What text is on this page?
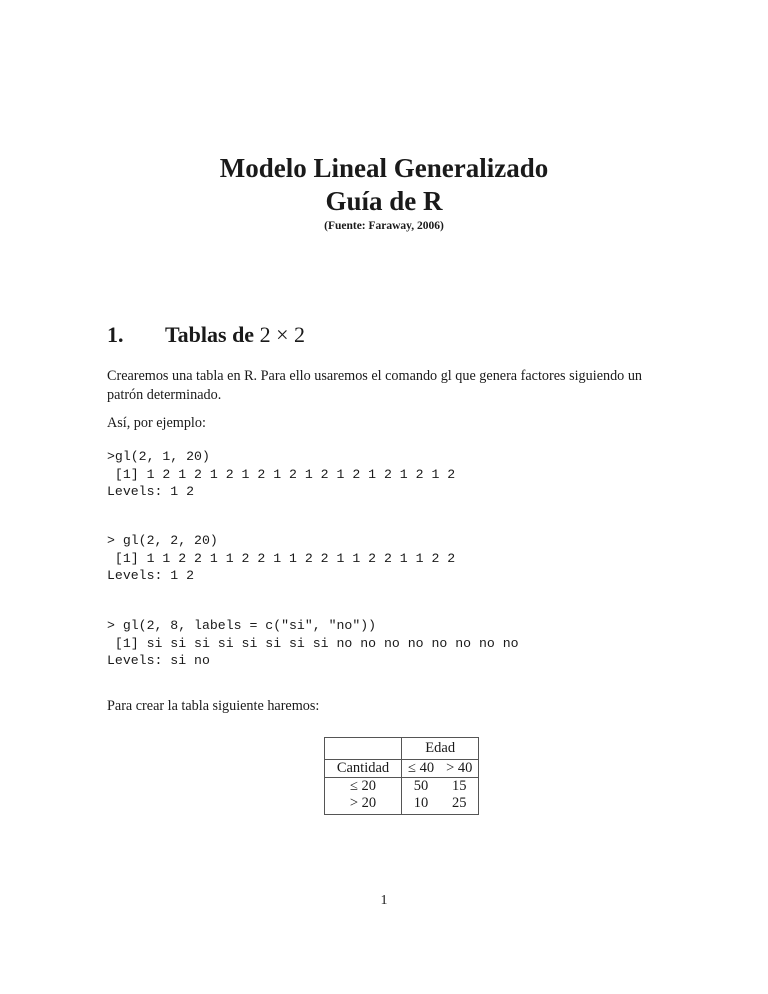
Modelo Lineal Generalizado
Guía de R
(Fuente: Faraway, 2006)
1. Tablas de 2 × 2
Crearemos una tabla en R. Para ello usaremos el comando gl que genera factores siguiendo un patrón determinado.
Así, por ejemplo:
>gl(2, 1, 20)
[1] 1 2 1 2 1 2 1 2 1 2 1 2 1 2 1 2 1 2 1 2
Levels: 1 2
> gl(2, 2, 20)
[1] 1 1 2 2 1 1 2 2 1 1 2 2 1 1 2 2 1 1 2 2
Levels: 1 2
> gl(2, 8, labels = c("si", "no"))
[1] si si si si si si si si no no no no no no no no
Levels: si no
Para crear la tabla siguiente haremos:
	Edad	
Cantidad	≤ 40	> 40
≤ 20	50	15
> 20	10	25
1
